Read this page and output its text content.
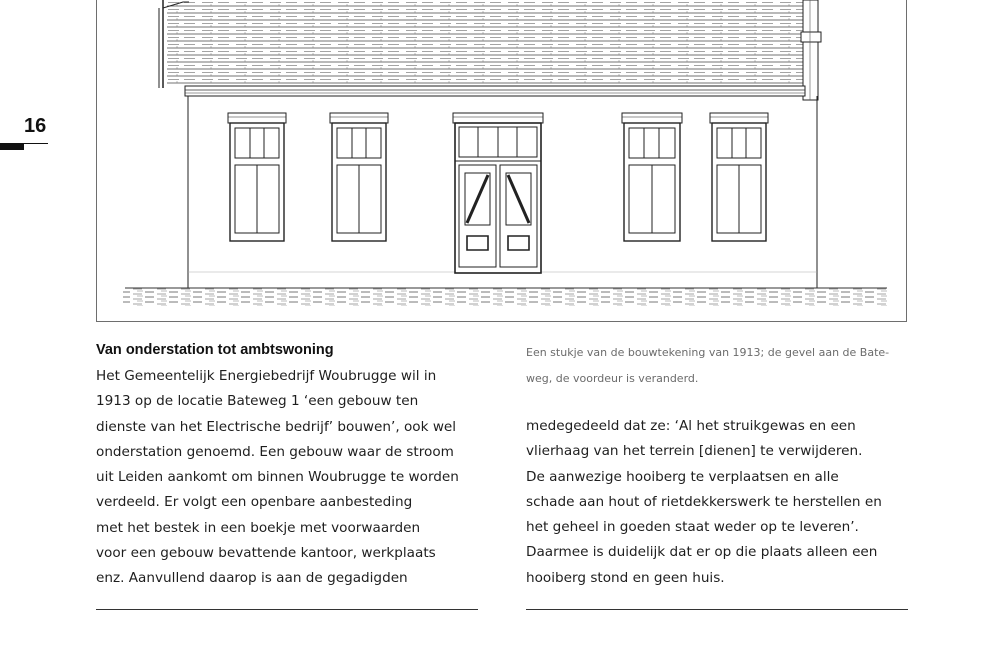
16
Een stukje van de bouwtekening van 1913; de gevel aan de Bate-
weg, de voordeur is veranderd.
Van onderstation tot ambtswoning

Het Gemeentelijk Energiebedrijf Woubrugge wil in
1913 op de locatie Bateweg 1 ‘een gebouw ten
dienste van het Electrische bedrijf’ bouwen’, ook wel
onderstation genoemd. Een gebouw waar de stroom
uit Leiden aankomt om binnen Woubrugge te worden
verdeeld. Er volgt een openbare aanbesteding
met het bestek in een boekje met voorwaarden
voor een gebouw bevattende kantoor, werkplaats
enz. Aanvullend daarop is aan de gegadigden

medegedeeld dat ze: ‘Al het struikgewas en een
vlierhaag van het terrein [dienen] te verwijderen.
De aanwezige hooiberg te verplaatsen en alle
schade aan hout of rietdekkerswerk te herstellen en
het geheel in goeden staat weder op te leveren’.
Daarmee is duidelijk dat er op die plaats alleen een
hooiberg stond en geen huis.
